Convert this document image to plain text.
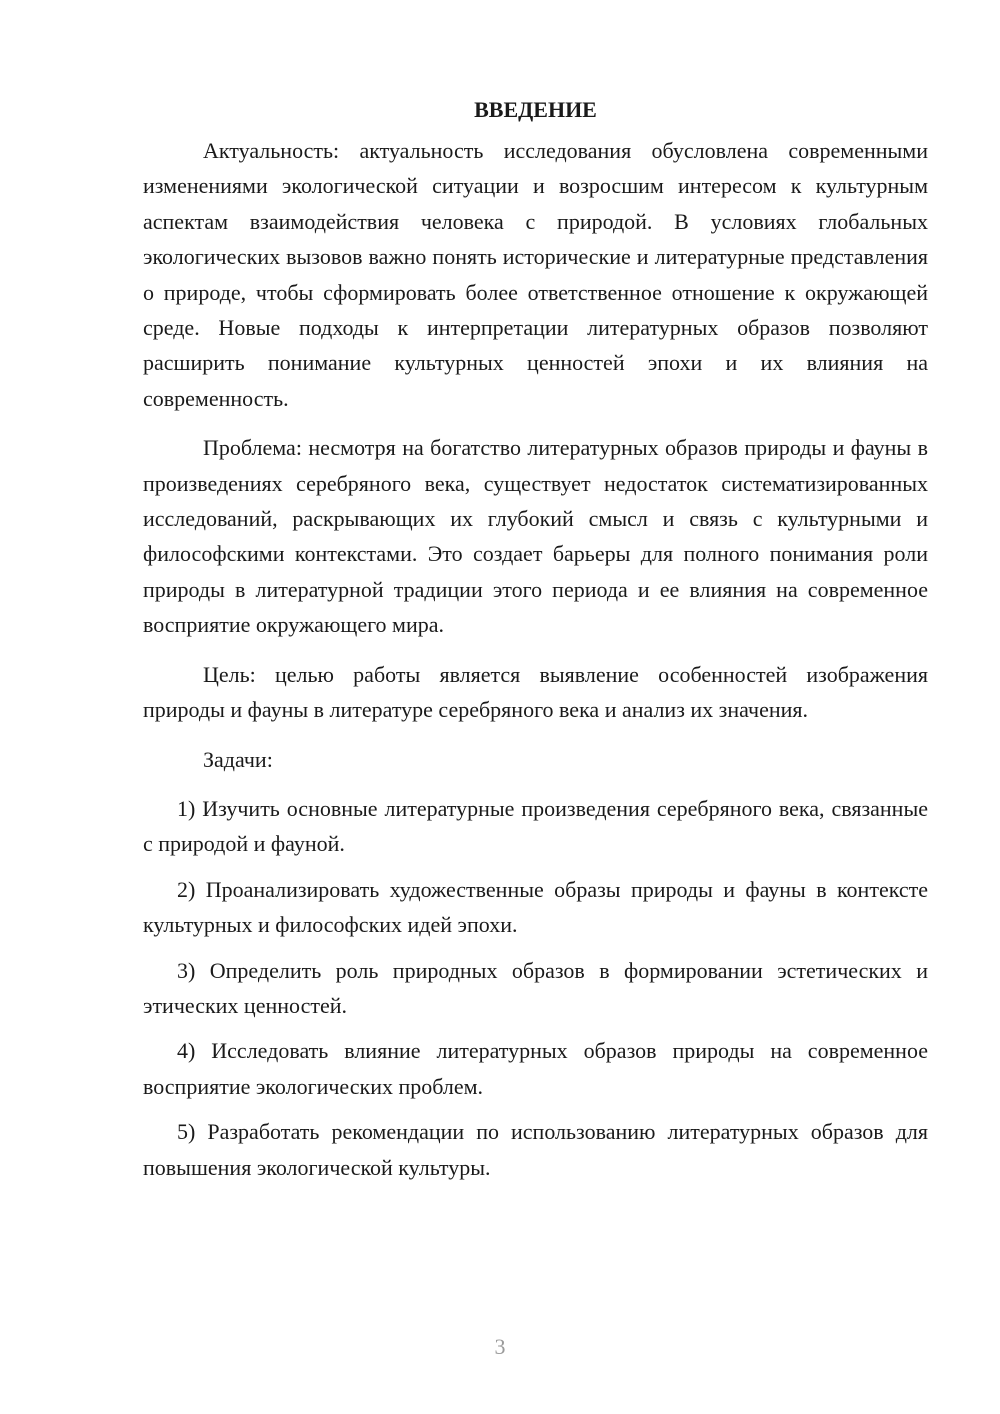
ВВЕДЕНИЕ

Актуальность: актуальность исследования обусловлена современными изменениями экологической ситуации и возросшим интересом к культурным аспектам взаимодействия человека с природой. В условиях глобальных экологических вызовов важно понять исторические и литературные представления о природе, чтобы сформировать более ответственное отношение к окружающей среде. Новые подходы к интерпретации литературных образов позволяют расширить понимание культурных ценностей эпохи и их влияния на современность.

Проблема: несмотря на богатство литературных образов природы и фауны в произведениях серебряного века, существует недостаток систематизированных исследований, раскрывающих их глубокий смысл и связь с культурными и философскими контекстами. Это создает барьеры для полного понимания роли природы в литературной традиции этого периода и ее влияния на современное восприятие окружающего мира.

Цель: целью работы является выявление особенностей изображения природы и фауны в литературе серебряного века и анализ их значения.

Задачи:

1) Изучить основные литературные произведения серебряного века, связанные с природой и фауной.

2) Проанализировать художественные образы природы и фауны в контексте культурных и философских идей эпохи.

3) Определить роль природных образов в формировании эстетических и этических ценностей.

4) Исследовать влияние литературных образов природы на современное восприятие экологических проблем.

5) Разработать рекомендации по использованию литературных образов для повышения экологической культуры.

3
